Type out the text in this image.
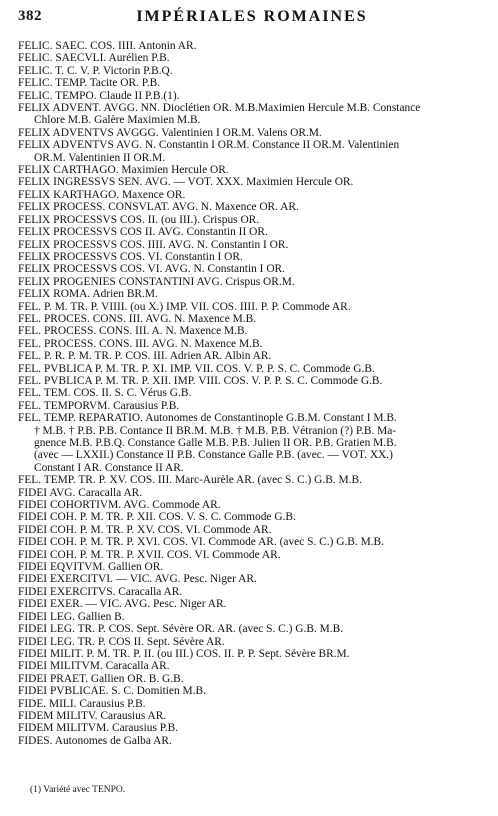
382	IMPÉRIALES ROMAINES

FELIC. SAEC. COS. IIII. Antonin AR.

FELIC. SAECVLI. Aurélien P.B.

FELIC. T. C. V. P. Victorin P.B.Q.

FELIC. TEMP. Tacite OR. P.B.

FELIC. TEMPO. Claude II P.B.(1).

FELIX ADVENT. AVGG. NN. Dioclétien OR. M.B.Maximien Hercule M.B. Constance
Chlore M.B. Galère Maximien M.B.

FELIX ADVENTVS AVGGG. Valentinien I OR.M. Valens OR.M.

FELIX ADVENTVS AVG. N. Constantin I OR.M. Constance II OR.M. Valentinien
OR.M. Valentinien II OR.M.

FELIX CARTHAGO. Maximien Hercule OR.

FELIX INGRESSVS SEN. AVG. — VOT. XXX. Maximien Hercule OR.

FELIX KARTHAGO. Maxence OR.

FELIX PROCESS. CONSVLAT. AVG. N. Maxence OR. AR.

FELIX PROCESSVS COS. II. (ou III.). Crispus OR.

FELIX PROCESSVS COS II. AVG. Constantin II OR.

FELIX PROCESSVS COS. IIII. AVG. N. Constantin I OR.

FELIX PROCESSVS COS. VI. Constantin I OR.

FELIX PROCESSVS COS. VI. AVG. N. Constantin I OR.

FELIX PROGENIES CONSTANTINI AVG. Crispus OR.M.

FELIX ROMA. Adrien BR.M.

FEL. P. M. TR. P. VIIII. (ou X.) IMP. VII. COS. IIII. P. P. Commode AR.

FEL. PROCES. CONS. III. AVG. N. Maxence M.B.

FEL. PROCESS. CONS. III. A. N. Maxence M.B.

FEL. PROCESS. CONS. III. AVG. N. Maxence M.B.

FEL. P. R. P. M. TR. P. COS. III. Adrien AR. Albin AR.

FEL. PVBLICA P. M. TR. P. XI. IMP. VII. COS. V. P. P. S. C. Commode G.B.

FEL. PVBLICA P. M. TR. P. XII. IMP. VIII. COS. V. P. P. S. C. Commode G.B.

FEL. TEM. COS. II. S. C. Vérus G.B.

FEL. TEMPORVM. Carausius P.B.

FEL. TEMP. REPARATIO. Autonomes de Constantinople G.B.M. Constant I M.B.
† M.B. † P.B. P.B. Contance II BR.M. M.B. † M.B. P.B. Vétranion (?) P.B. Ma-
gnence M.B. P.B.Q. Constance Galle M.B. P.B. Julien II OR. P.B. Gratien M.B.
(avec — LXXII.) Constance II P.B. Constance Galle P.B. (avec. — VOT. XX.)
Constant I AR. Constance II AR.

FEL. TEMP. TR. P. XV. COS. III. Marc-Aurèle AR. (avec S. C.) G.B. M.B.

FIDEI AVG. Caracalla AR.

FIDEI COHORTIVM. AVG. Commode AR.

FIDEI COH. P. M. TR. P. XII. COS. V. S. C. Commode G.B.

FIDEI COH. P. M. TR. P. XV. COS. VI. Commode AR.

FIDEI COH. P. M. TR. P. XVI. COS. VI. Commode AR. (avec S. C.) G.B. M.B.

FIDEI COH. P. M. TR. P. XVII. COS. VI. Commode AR.

FIDEI EQVITVM. Gallien OR.

FIDEI EXERCITVI. — VIC. AVG. Pesc. Niger AR.

FIDEI EXERCITVS. Caracalla AR.

FIDEI EXER. — VIC. AVG. Pesc. Niger AR.

FIDEI LEG. Gallien B.

FIDEI LEG. TR. P. COS. Sept. Sévère OR. AR. (avec S. C.) G.B. M.B.

FIDEI LEG. TR. P. COS II. Sept. Sévère AR.

FIDEI MILIT. P. M. TR. P. II. (ou III.) COS. II. P. P. Sept. Sévère BR.M.

FIDEI MILITVM. Caracalla AR.

FIDEI PRAET. Gallien OR. B. G.B.

FIDEI PVBLICAE. S. C. Domitien M.B.

FIDE. MILI. Carausius P.B.

FIDEM MILITV. Carausius AR.

FIDEM MILITVM. Carausius P.B.

FIDES. Autonomes de Galba AR.

(1) Variété avec TENPO.
